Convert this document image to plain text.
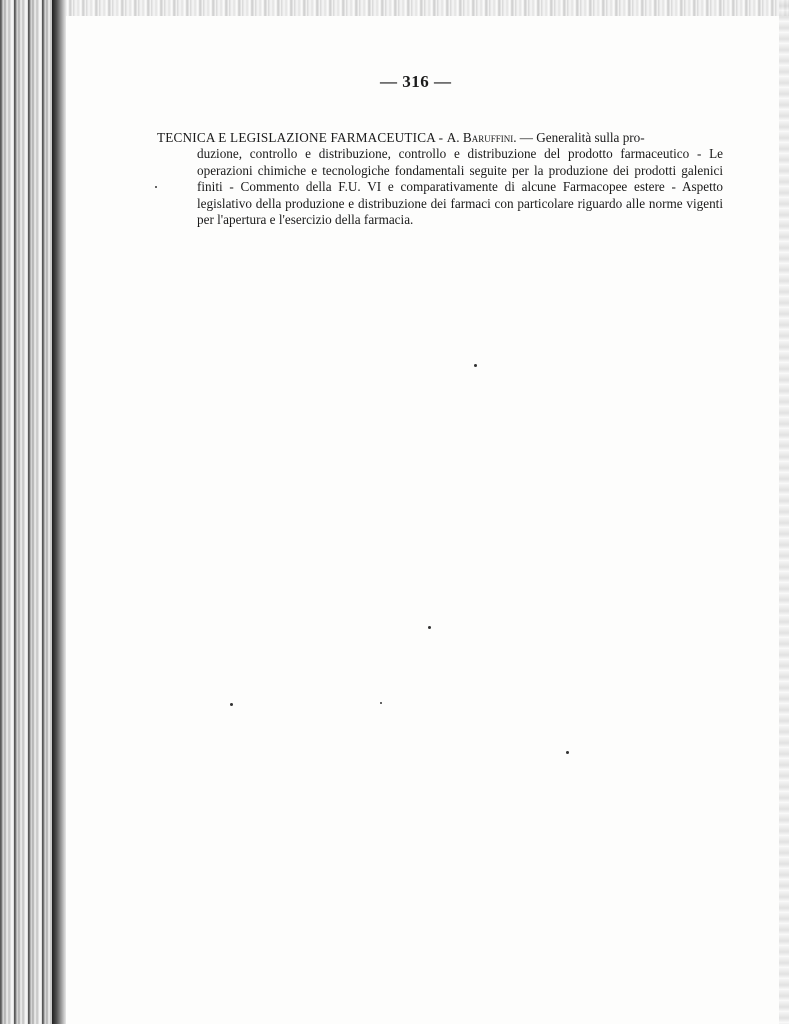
— 316 —
TECNICA E LEGISLAZIONE FARMACEUTICA - A. Baruffini. — Generalità sulla pro-
duzione, controllo e distribuzione, controllo e distribuzione del prodotto farmaceutico - Le operazioni chimiche e tecnologiche fondamentali seguite per la produzione dei prodotti galenici finiti - Commento della F.U. VI e comparativamente di alcune Farmacopee estere - Aspetto legislativo della produzione e distribuzione dei farmaci con particolare riguardo alle norme vigenti per l'apertura e l'esercizio della farmacia.
